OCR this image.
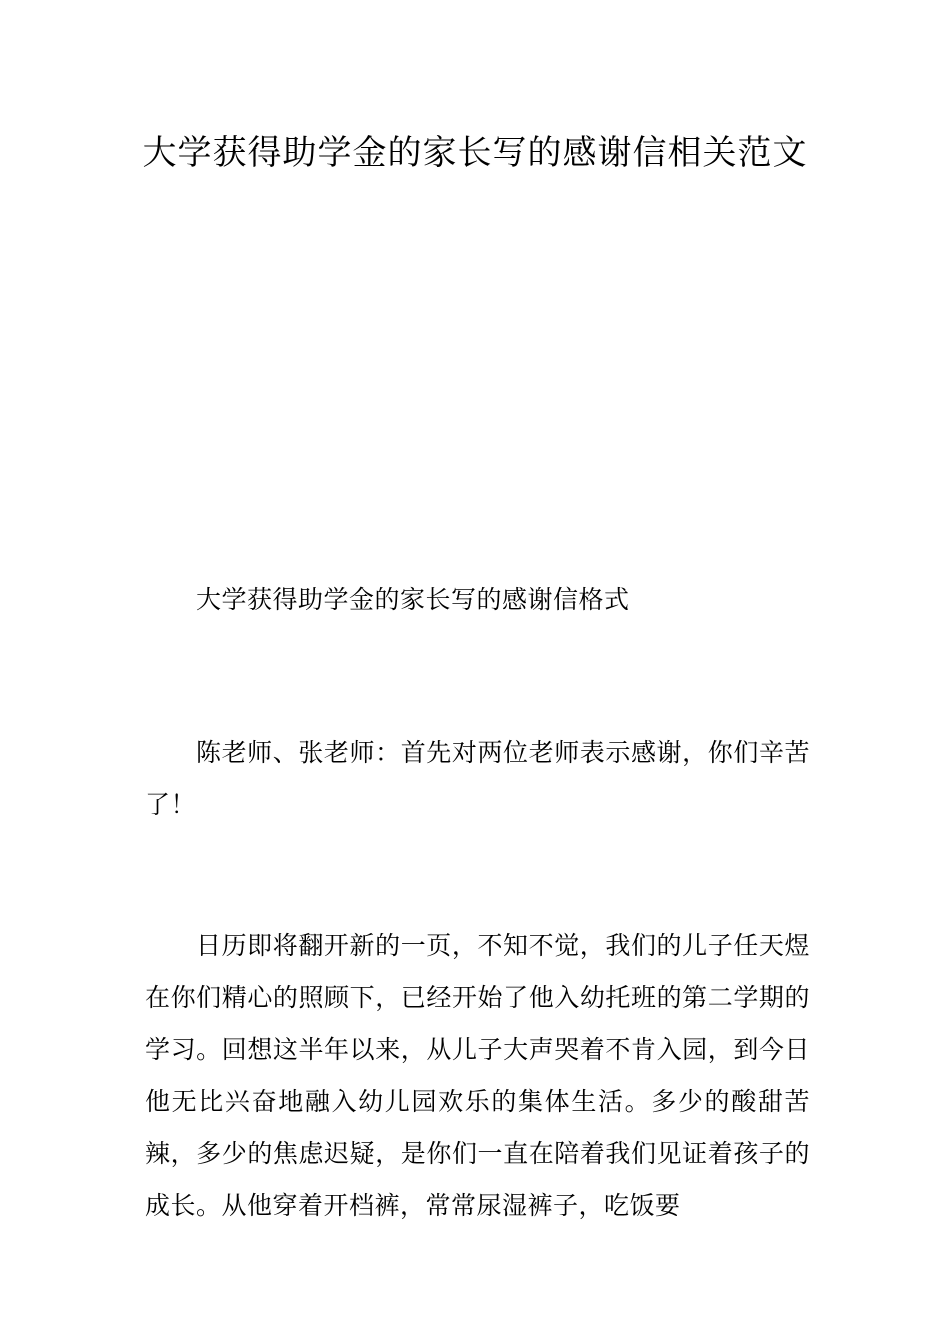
大学获得助学金的家长写的感谢信相关范文

大学获得助学金的家长写的感谢信格式

陈老师、张老师：首先对两位老师表示感谢，你们辛苦了！

日历即将翻开新的一页，不知不觉，我们的儿子任天煜在你们精心的照顾下，已经开始了他入幼托班的第二学期的学习。回想这半年以来，从儿子大声哭着不肯入园，到今日他无比兴奋地融入幼儿园欢乐的集体生活。多少的酸甜苦辣，多少的焦虑迟疑，是你们一直在陪着我们见证着孩子的成长。从他穿着开档裤，常常尿湿裤子，吃饭要
